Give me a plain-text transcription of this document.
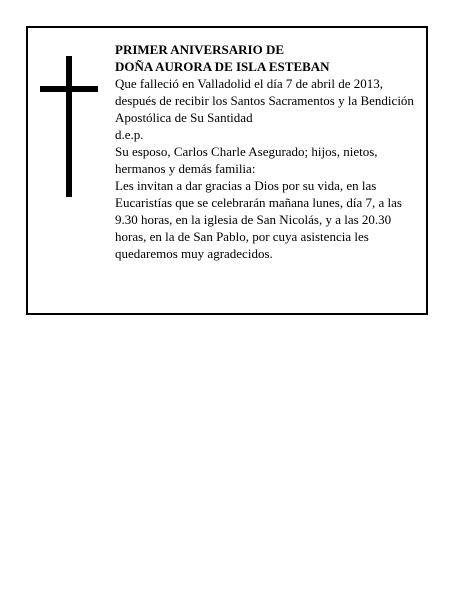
PRIMER ANIVERSARIO DE

DOÑA AURORA DE ISLA ESTEBAN

Que falleció en Valladolid el día 7 de abril de 2013, después de recibir los Santos Sacramentos y la Bendición Apostólica de Su Santidad

d.e.p.

Su esposo, Carlos Charle Asegurado; hijos, nietos, hermanos y demás familia:

Les invitan a dar gracias a Dios por su vida, en las Eucaristías que se celebrarán mañana lunes, día 7, a las 9.30 horas, en la iglesia de San Nicolás, y a las 20.30 horas, en la de San Pablo, por cuya asistencia les quedaremos muy agradecidos.
